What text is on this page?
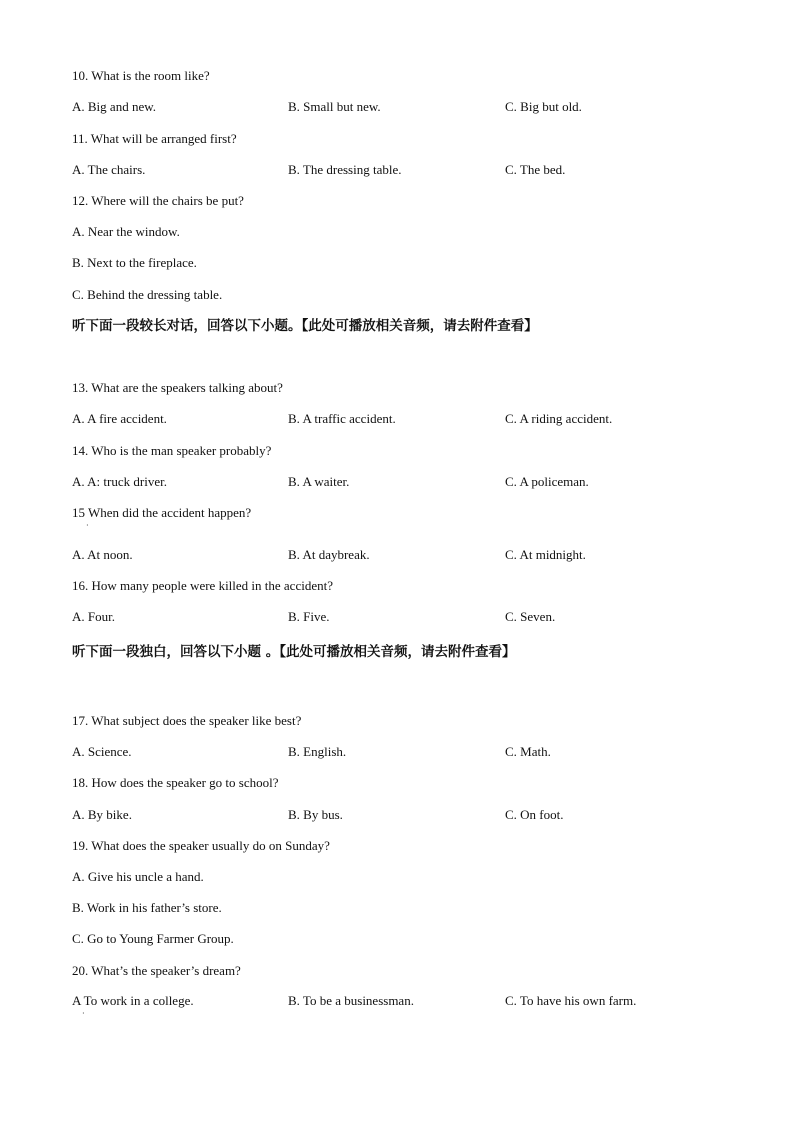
10. What is the room like?
A. Big and new.	B. Small but new.	C. Big but old.
11. What will be arranged first?
A. The chairs.	B. The dressing table.	C. The bed.
12. Where will the chairs be put?
A. Near the window.
B. Next to the fireplace.
C. Behind the dressing table.
听下面一段较长对话，回答以下小题。【此处可播放相关音频，请去附件查看】
13. What are the speakers talking about?
A. A fire accident.	B. A traffic accident.	C. A riding accident.
14. Who is the man speaker probably?
A. A: truck driver.	B. A waiter.	C. A policeman.
15 When did the accident happen?
·
A. At noon.	B. At daybreak.	C. At midnight.
16. How many people were killed in the accident?
A. Four.	B. Five.	C. Seven.
听下面一段独白，回答以下小题 。【此处可播放相关音频，请去附件查看】
17. What subject does the speaker like best?
A. Science.	B. English.	C. Math.
18. How does the speaker go to school?
A. By bike.	B. By bus.	C. On foot.
19. What does the speaker usually do on Sunday?
A. Give his uncle a hand.
B. Work in his father’s store.
C. Go to Young Farmer Group.
20. What’s the speaker’s dream?
A To work in a college.
·
B. To be a businessman.	C. To have his own farm.
